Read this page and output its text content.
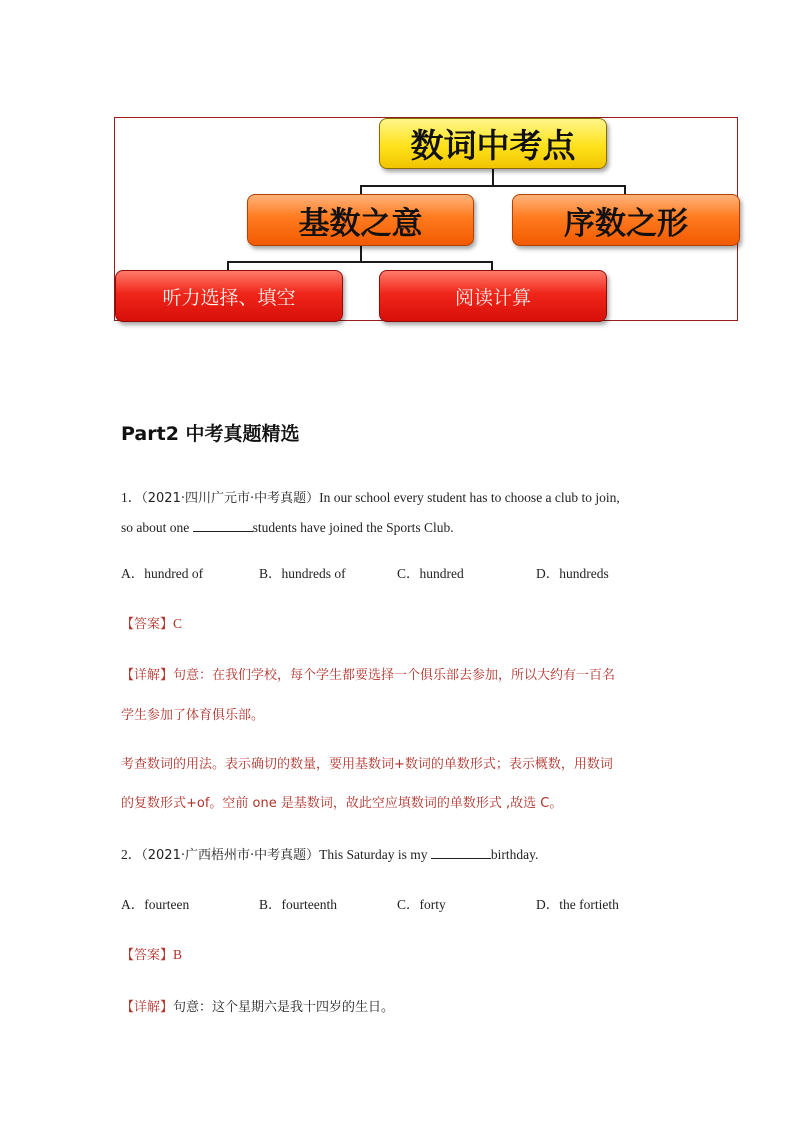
数词中考点
基数之意	序数之形
听力选择、填空	阅读计算
Part2 中考真题精选
1．（2021·四川广元市·中考真题）In our school every student has to choose a club to join,
so about one	students have joined the Sports Club.
A．hundred of	B．hundreds of	C．hundred	D．hundreds
【答案】C
【详解】句意：在我们学校，每个学生都要选择一个俱乐部去参加，所以大约有一百名
学生参加了体育俱乐部。
考查数词的用法。表示确切的数量，要用基数词+数词的单数形式；表示概数，用数词
的复数形式+of。空前 one 是基数词，故此空应填数词的单数形式 ,故选 C。
2．（2021·广西梧州市·中考真题）This Saturday is my	birthday.
A．fourteen	B．fourteenth	C．forty	D．the fortieth
【答案】B
【详解】句意：这个星期六是我十四岁的生日。
